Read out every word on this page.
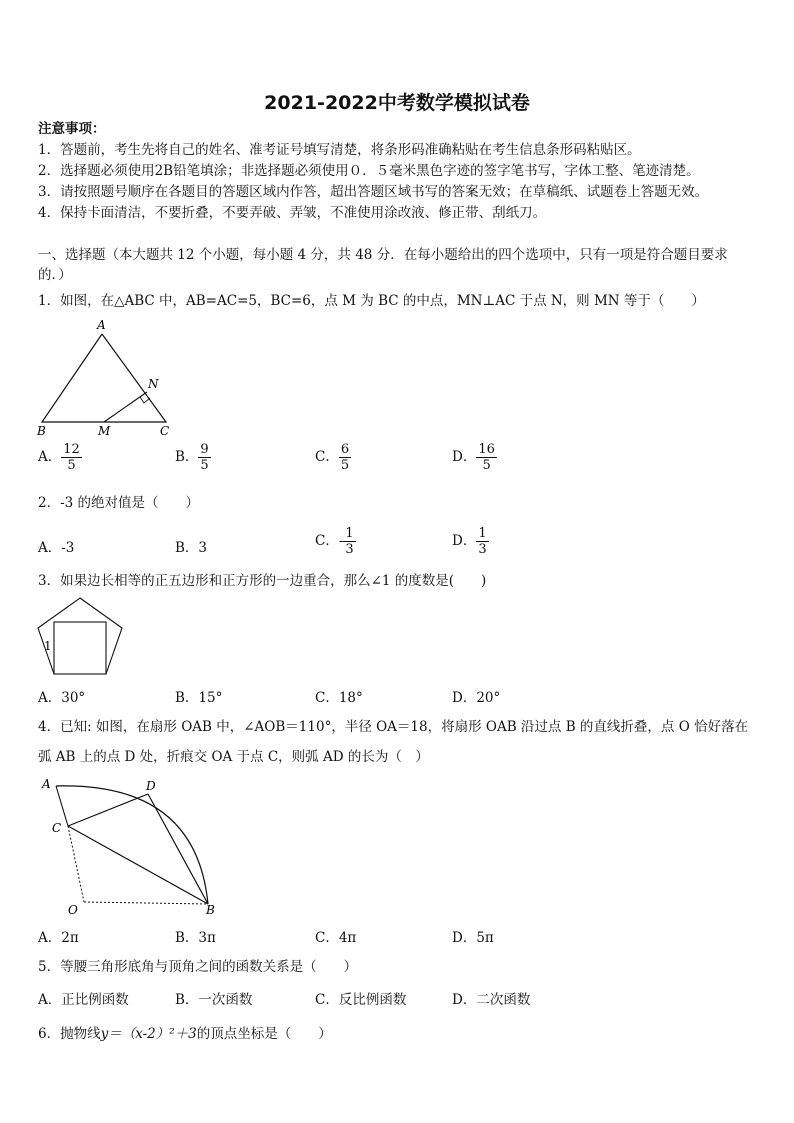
2021-2022中考数学模拟试卷
注意事项：
1．答题前，考生先将自己的姓名、准考证号填写清楚，将条形码准确粘贴在考生信息条形码粘贴区。
2．选择题必须使用2B铅笔填涂；非选择题必须使用０．５毫米黑色字迹的签字笔书写，字体工整、笔迹清楚。
3．请按照题号顺序在各题目的答题区域内作答，超出答题区域书写的答案无效；在草稿纸、试题卷上答题无效。
4．保持卡面清洁，不要折叠，不要弄破、弄皱，不准使用涂改液、修正带、刮纸刀。
一、选择题（本大题共 12 个小题，每小题 4 分，共 48 分．在每小题给出的四个选项中，只有一项是符合题目要求
的．）
1．如图，在△ABC 中，AB=AC=5，BC=6，点 M 为 BC 的中点，MN⊥AC 于点 N，则 MN 等于（　　）
A
N
B	M	C
A． $\frac{12}{5}$	B． $\frac{9}{5}$	C． $\frac{6}{5}$	D． $\frac{16}{5}$
2．-3 的绝对值是（　　）
A．-3	B．3	C．- $\frac{1}{3}$	D． $\frac{1}{3}$
3．如果边长相等的正五边形和正方形的一边重合，那么∠1 的度数是(　　)
1
A．30°	B．15°	C．18°	D．20°
4．已知: 如图，在扇形 OAB 中，∠AOB＝110°，半径 OA＝18，将扇形 OAB 沿过点 B 的直线折叠，点 O 恰好落在
弧 AB 上的点 D 处，折痕交 OA 于点 C，则弧 AD 的长为（　）
A	D
C
O	B
A．2π	B．3π	C．4π	D．5π
5．等腰三角形底角与顶角之间的函数关系是（　　）
A．正比例函数	B．一次函数	C．反比例函数	D．二次函数
6．抛物线y＝（x-2）²＋3的顶点坐标是（　　）
